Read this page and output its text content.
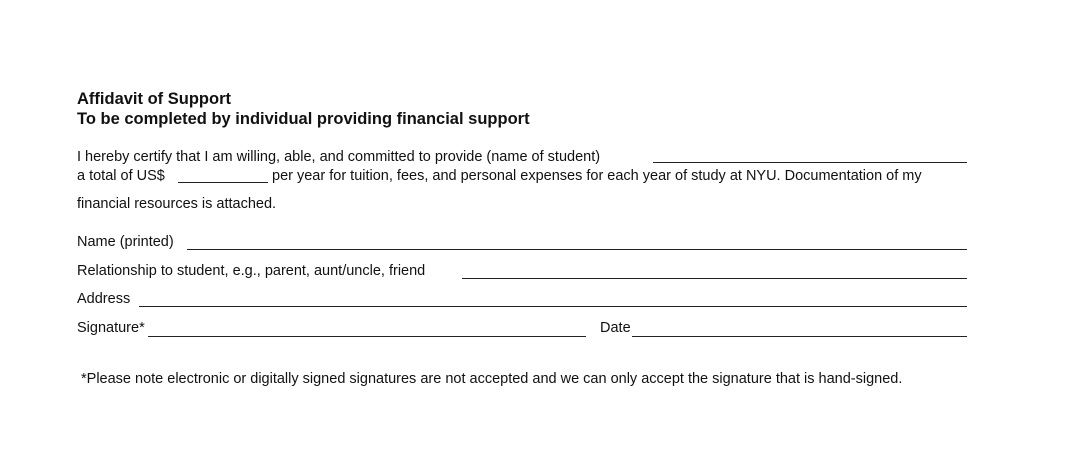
Affidavit of Support
To be completed by individual providing financial support
I hereby certify that I am willing, able, and committed to provide (name of student)
a total of US$	per year for tuition, fees, and personal expenses for each year of study at NYU. Documentation of my
financial resources is attached.
Name (printed)
Relationship to student, e.g., parent, aunt/uncle, friend
Address
Signature*	Date
*Please note electronic or digitally signed signatures are not accepted and we can only accept the signature that is hand-signed.
